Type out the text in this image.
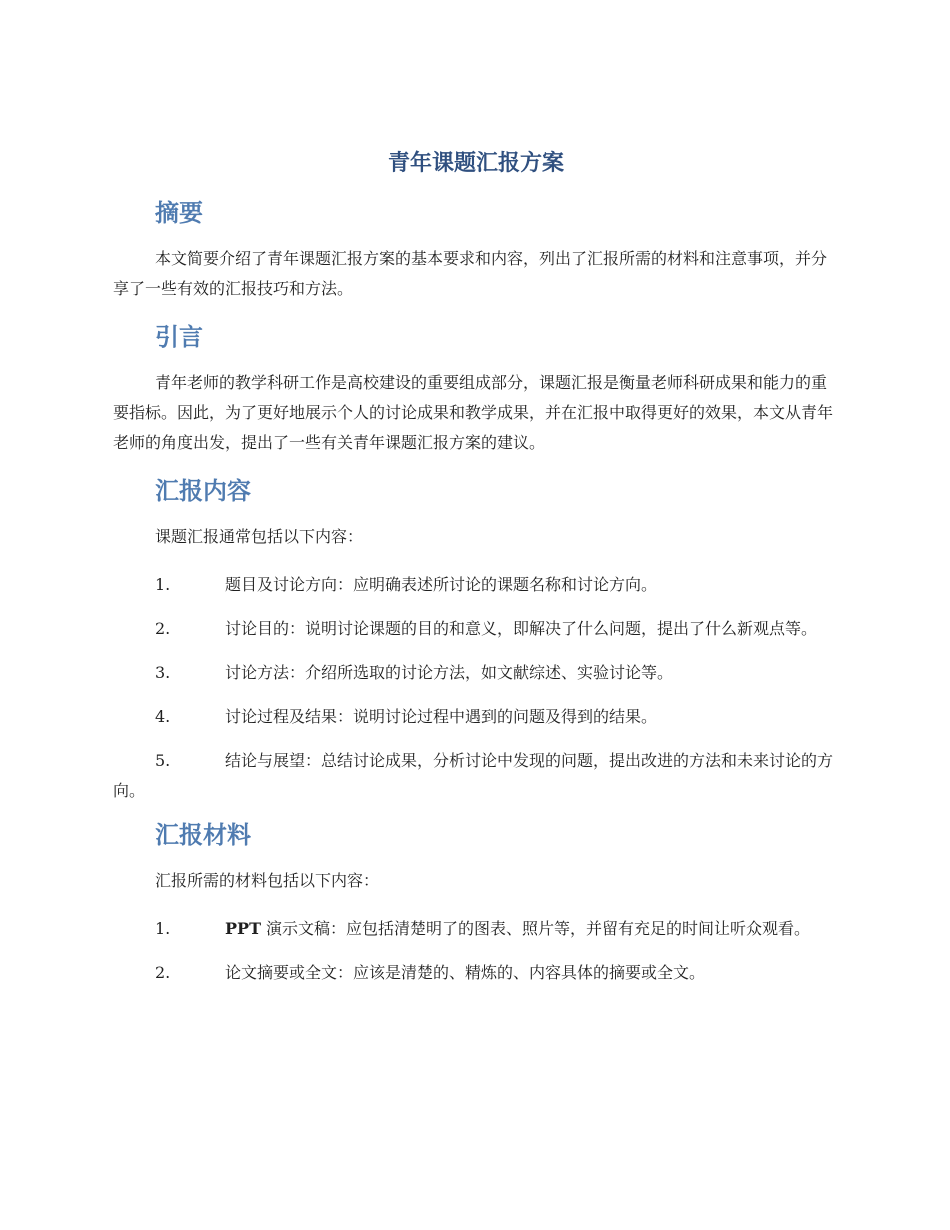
青年课题汇报方案
摘要

本文简要介绍了青年课题汇报方案的基本要求和内容，列出了汇报所需的材料和注意事项，并分享了一些有效的汇报技巧和方法。

引言

青年老师的教学科研工作是高校建设的重要组成部分，课题汇报是衡量老师科研成果和能力的重要指标。因此，为了更好地展示个人的讨论成果和教学成果，并在汇报中取得更好的效果，本文从青年老师的角度出发，提出了一些有关青年课题汇报方案的建议。

汇报内容

课题汇报通常包括以下内容：

1.	题目及讨论方向：应明确表述所讨论的课题名称和讨论方向。

2.	讨论目的：说明讨论课题的目的和意义，即解决了什么问题，提出了什么新观点等。

3.	讨论方法：介绍所选取的讨论方法，如文献综述、实验讨论等。

4.	讨论过程及结果：说明讨论过程中遇到的问题及得到的结果。

5.	结论与展望：总结讨论成果，分析讨论中发现的问题，提出改进的方法和未来讨论的方向。

汇报材料

汇报所需的材料包括以下内容：

1.	PPT 演示文稿：应包括清楚明了的图表、照片等，并留有充足的时间让听众观看。

2.	论文摘要或全文：应该是清楚的、精炼的、内容具体的摘要或全文。
